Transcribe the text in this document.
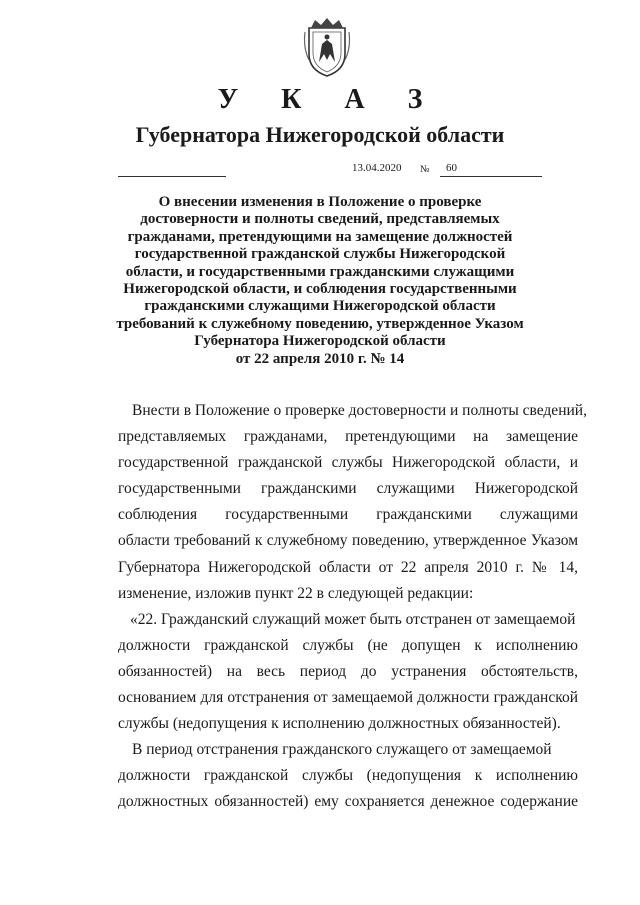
У К А З
Губернатора Нижегородской области
13.04.2020 № 60
О внесении изменения в Положение о проверке
достоверности и полноты сведений, представляемых
гражданами, претендующими на замещение должностей
государственной гражданской службы Нижегородской
области, и государственными гражданскими служащими
Нижегородской области, и соблюдения государственными
гражданскими служащими Нижегородской области
требований к служебному поведению, утвержденное Указом
Губернатора Нижегородской области
от 22 апреля 2010 г. № 14
Внести в Положение о проверке достоверности и полноты сведений,
представляемых гражданами, претендующими на замещение
государственной гражданской службы Нижегородской области, и
государственными гражданскими служащими Нижегородской
соблюдения государственными гражданскими служащими
области требований к служебному поведению, утвержденное Указом
Губернатора Нижегородской области от 22 апреля 2010 г. № 14,
изменение, изложив пункт 22 в следующей редакции:
«22. Гражданский служащий может быть отстранен от замещаемой
должности гражданской службы (не допущен к исполнению
обязанностей) на весь период до устранения обстоятельств,
основанием для отстранения от замещаемой должности гражданской
службы (недопущения к исполнению должностных обязанностей).
В период отстранения гражданского служащего от замещаемой
должности гражданской службы (недопущения к исполнению
должностных обязанностей) ему сохраняется денежное содержание
